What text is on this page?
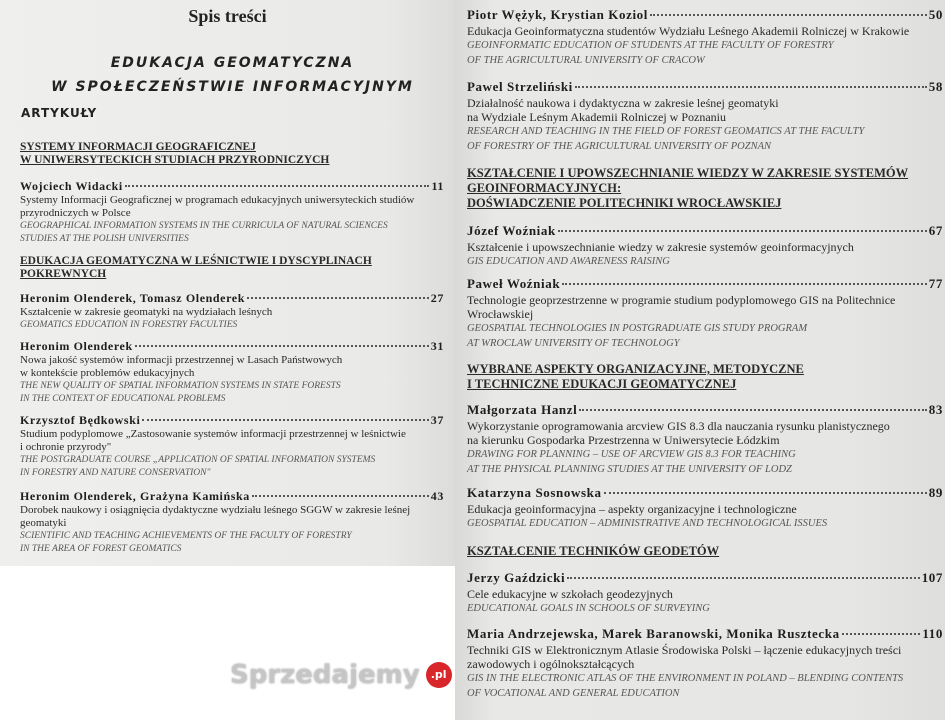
Spis treści
EDUKACJA GEOMATYCZNA
W SPOŁECZEŃSTWIE INFORMACYJNYM
ARTYKUŁY
SYSTEMY INFORMACJI GEOGRAFICZNEJ
W UNIWERSYTECKICH STUDIACH PRZYRODNICZYCH
Wojciech Widacki	11
Systemy Informacji Geograficznej w programach edukacyjnych uniwersyteckich studiów
przyrodniczych w Polsce
GEOGRAPHICAL INFORMATION SYSTEMS IN THE CURRICULA OF NATURAL SCIENCES
STUDIES AT THE POLISH UNIVERSITIES
EDUKACJA GEOMATYCZNA W LEŚNICTWIE I DYSCYPLINACH
POKREWNYCH
Heronim Olenderek, Tomasz Olenderek	27
Kształcenie w zakresie geomatyki na wydziałach leśnych
GEOMATICS EDUCATION IN FORESTRY FACULTIES
Heronim Olenderek	31
Nowa jakość systemów informacji przestrzennej w Lasach Państwowych
w kontekście problemów edukacyjnych
THE NEW QUALITY OF SPATIAL INFORMATION SYSTEMS IN STATE FORESTS
IN THE CONTEXT OF EDUCATIONAL PROBLEMS
Krzysztof Będkowski	37
Studium podyplomowe „Zastosowanie systemów informacji przestrzennej w leśnictwie
i ochronie przyrody"
THE POSTGRADUATE COURSE „APPLICATION OF SPATIAL INFORMATION SYSTEMS
IN FORESTRY AND NATURE CONSERVATION"
Heronim Olenderek, Grażyna Kamińska	43
Dorobek naukowy i osiągnięcia dydaktyczne wydziału leśnego SGGW w zakresie leśnej
geomatyki
SCIENTIFIC AND TEACHING ACHIEVEMENTS OF THE FACULTY OF FORESTRY
IN THE AREA OF FOREST GEOMATICS
Piotr Wężyk, Krystian Koziol	50
Edukacja Geoinformatyczna studentów Wydziału Leśnego Akademii Rolniczej w Krakowie
GEOINFORMATIC EDUCATION OF STUDENTS AT THE FACULTY OF FORESTRY
OF THE AGRICULTURAL UNIVERSITY OF CRACOW
Pawel Strzeliński	58
Działalność naukowa i dydaktyczna w zakresie leśnej geomatyki
na Wydziale Leśnym Akademii Rolniczej w Poznaniu
RESEARCH AND TEACHING IN THE FIELD OF FOREST GEOMATICS AT THE FACULTY
OF FORESTRY OF THE AGRICULTURAL UNIVERSITY OF POZNAN
KSZTAŁCENIE I UPOWSZECHNIANIE WIEDZY W ZAKRESIE SYSTEMÓW
GEOINFORMACYJNYCH:
DOŚWIADCZENIE POLITECHNIKI WROCŁAWSKIEJ
Józef Woźniak	67
Kształcenie i upowszechnianie wiedzy w zakresie systemów geoinformacyjnych
GIS EDUCATION AND AWARENESS RAISING
Paweł Woźniak	77
Technologie geoprzestrzenne w programie studium podyplomowego GIS na Politechnice
Wrocławskiej
GEOSPATIAL TECHNOLOGIES IN POSTGRADUATE GIS STUDY PROGRAM
AT WROCLAW UNIVERSITY OF TECHNOLOGY
WYBRANE ASPEKTY ORGANIZACYJNE, METODYCZNE
I TECHNICZNE EDUKACJI GEOMATYCZNEJ
Małgorzata Hanzl	83
Wykorzystanie oprogramowania arcview GIS 8.3 dla nauczania rysunku planistycznego
na kierunku Gospodarka Przestrzenna w Uniwersytecie Łódzkim
DRAWING FOR PLANNING – USE OF ARCVIEW GIS 8.3 FOR TEACHING
AT THE PHYSICAL PLANNING STUDIES AT THE UNIVERSITY OF LODZ
Katarzyna Sosnowska	89
Edukacja geoinformacyjna – aspekty organizacyjne i technologiczne
GEOSPATIAL EDUCATION – ADMINISTRATIVE AND TECHNOLOGICAL ISSUES
KSZTAŁCENIE TECHNIKÓW GEODETÓW
Jerzy Gaździcki	107
Cele edukacyjne w szkołach geodezyjnych
EDUCATIONAL GOALS IN SCHOOLS OF SURVEYING
Maria Andrzejewska, Marek Baranowski, Monika Rusztecka	110
Techniki GIS w Elektronicznym Atlasie Środowiska Polski – łączenie edukacyjnych treści
zawodowych i ogólnokształcących
GIS IN THE ELECTRONIC ATLAS OF THE ENVIRONMENT IN POLAND – BLENDING CONTENTS
OF VOCATIONAL AND GENERAL EDUCATION
Sprzedajemy	.pl
